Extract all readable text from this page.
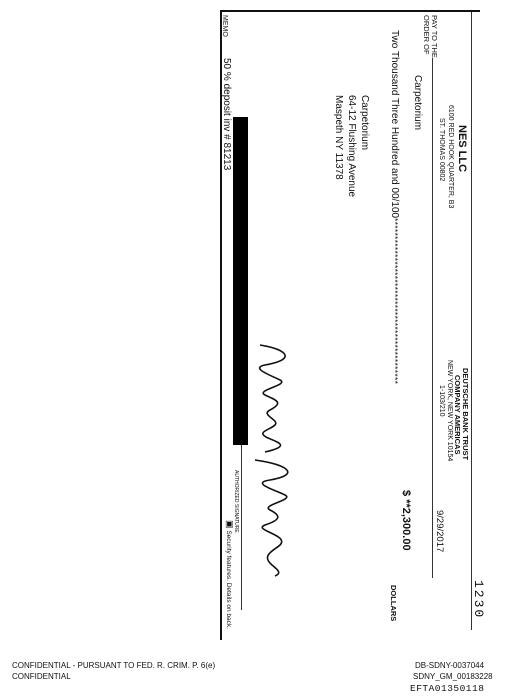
NES LLC
6100 RED HOOK QUARTER, B3
ST. THOMAS 00802
DEUTSCHE BANK TRUST
COMPANY AMERICAS
NEW YORK, NEW YORK 10154
1-103/210
1230
9/29/2017
PAY TO THE
ORDER OF
Carpetorium
Two Thousand Three Hundred and 00/100**********************************************
$ **2,300.00
DOLLARS
Carpetorium
64-12 Flushing Avenue
Maspeth NY 11378
MEMO
50 % deposit inv # 81213
AUTHORIZED SIGNATURE
▣ Security features. Details on back.
CONFIDENTIAL - PURSUANT TO FED. R. CRIM. P. 6(e)
CONFIDENTIAL
DB-SDNY-0037044
SDNY_GM_00183228
EFTA01350118
